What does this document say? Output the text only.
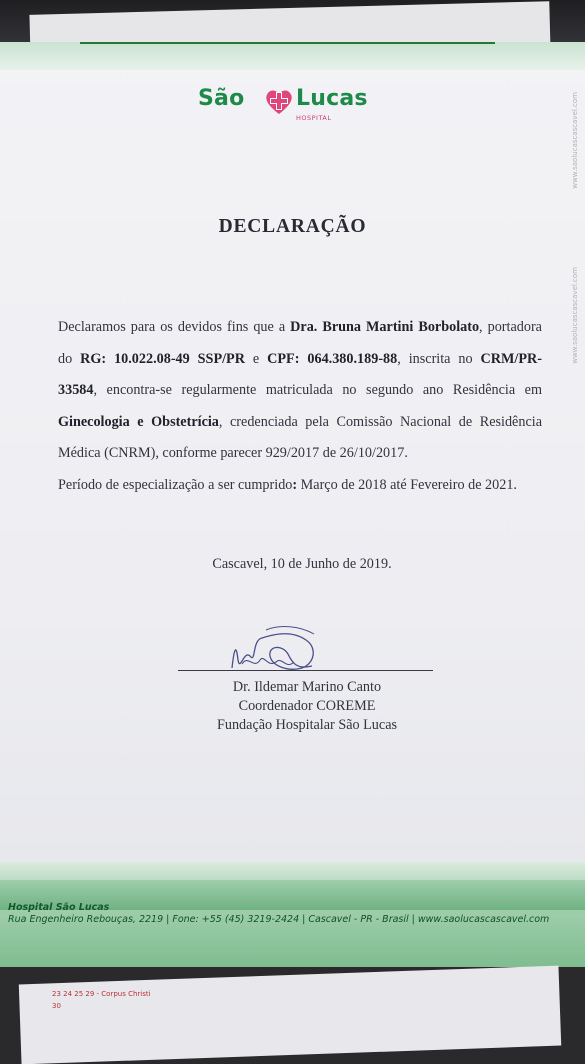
São Lucas
HOSPITAL	www.saolucascascavel.com
www.saolucascascavel.com
DECLARAÇÃO

Declaramos para os devidos fins que a Dra. Bruna Martini Borbolato, portadora do RG: 10.022.08-49 SSP/PR e CPF: 064.380.189-88, inscrita no CRM/PR- 33584, encontra-se regularmente matriculada no segundo ano Residência em Ginecologia e Obstetrícia, credenciada pela Comissão Nacional de Residência Médica (CNRM), conforme parecer 929/2017 de 26/10/2017.

Período de especialização a ser cumprido: Março de 2018 até Fevereiro de 2021.

Cascavel, 10 de Junho de 2019.
Dr. Ildemar Marino Canto
Coordenador COREME
Fundação Hospitalar São Lucas
Hospital São Lucas
Rua Engenheiro Rebouças, 2219 | Fone: +55 (45) 3219-2424 | Cascavel - PR - Brasil | www.saolucascascavel.com
23 24 25 29 - Corpus Christi
30
